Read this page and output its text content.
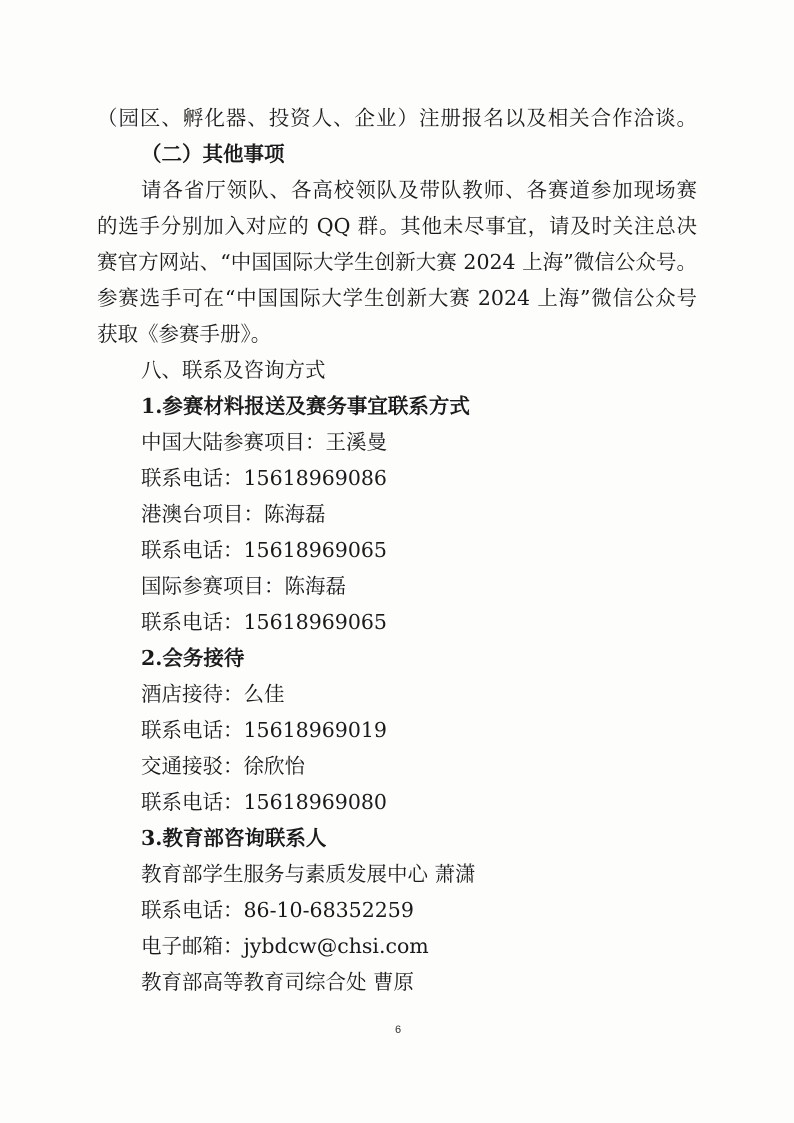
（园区、孵化器、投资人、企业）注册报名以及相关合作洽谈。
（二）其他事项
请各省厅领队、各高校领队及带队教师、各赛道参加现场赛
的选手分别加入对应的 QQ 群。其他未尽事宜，请及时关注总决
赛官方网站、“中国国际大学生创新大赛 2024 上海”微信公众号。
参赛选手可在“中国国际大学生创新大赛 2024 上海”微信公众号
获取《参赛手册》。
八、联系及咨询方式
1.参赛材料报送及赛务事宜联系方式
中国大陆参赛项目：王溪曼
联系电话：15618969086
港澳台项目：陈海磊
联系电话：15618969065
国际参赛项目：陈海磊
联系电话：15618969065
2.会务接待
酒店接待：么佳
联系电话：15618969019
交通接驳：徐欣怡
联系电话：15618969080
3.教育部咨询联系人
教育部学生服务与素质发展中心 萧潇
联系电话：86-10-68352259
电子邮箱：jybdcw@chsi.com
教育部高等教育司综合处 曹原
6
